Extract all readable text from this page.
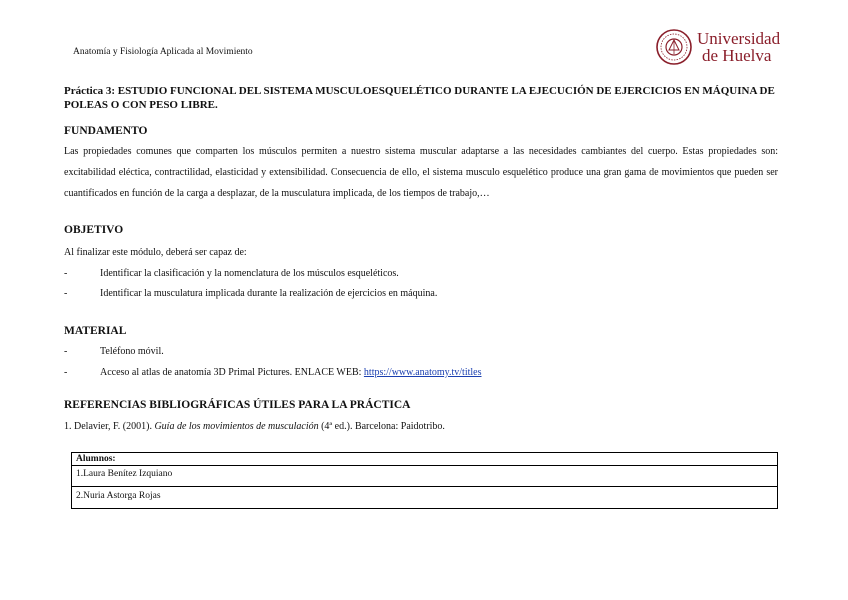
Anatomía y Fisiología Aplicada al Movimiento
Universidad
de Huelva
Práctica 3: ESTUDIO FUNCIONAL DEL SISTEMA MUSCULOESQUELÉTICO DURANTE LA EJECUCIÓN DE EJERCICIOS EN MÁQUINA DE POLEAS O CON PESO LIBRE.
FUNDAMENTO
Las propiedades comunes que comparten los músculos permiten a nuestro sistema muscular adaptarse a las necesidades cambiantes del cuerpo. Estas propiedades son: excitabilidad eléctica, contractilidad, elasticidad y extensibilidad. Consecuencia de ello, el sistema musculo esquelético produce una gran gama de movimientos que pueden ser cuantificados en función de la carga a desplazar, de la musculatura implicada, de los tiempos de trabajo,…
OBJETIVO
Al finalizar este módulo, deberá ser capaz de:
-	Identificar la clasificación y la nomenclatura de los músculos esqueléticos.
-	Identificar la musculatura implicada durante la realización de ejercicios en máquina.
MATERIAL
-	Teléfono móvil.
-	Acceso al atlas de anatomía 3D Primal Pictures. ENLACE WEB: https://www.anatomy.tv/titles
REFERENCIAS BIBLIOGRÁFICAS ÚTILES PARA LA PRÁCTICA
1. Delavier, F. (2001). Guía de los movimientos de musculación (4ª ed.). Barcelona: Paidotribo.
Alumnos:
1.Laura Benítez Izquiano
2.Nuria Astorga Rojas
